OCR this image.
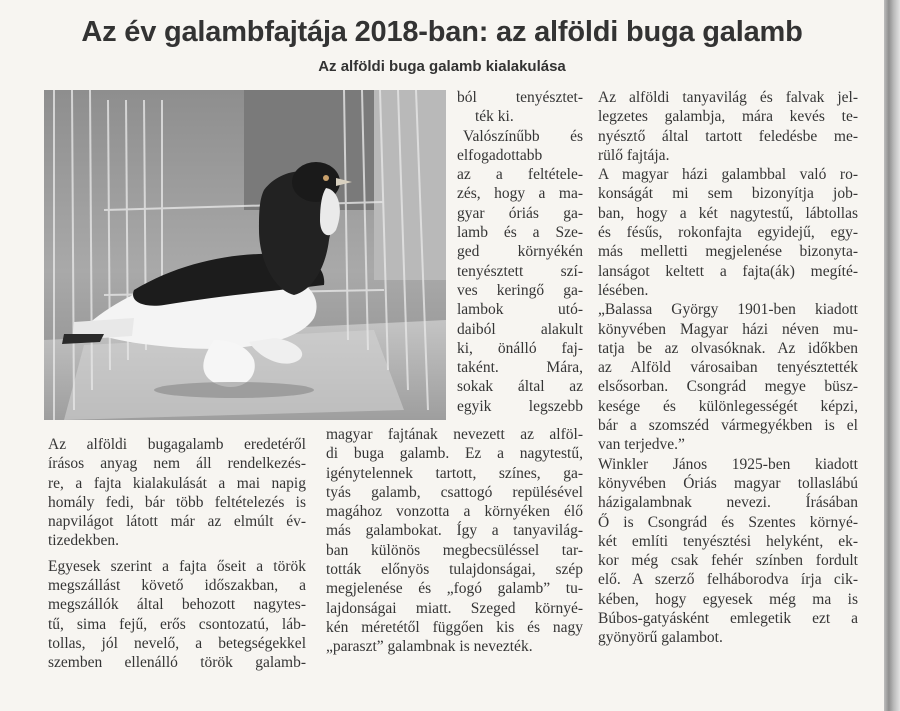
Az év galambfajtája 2018-ban: az alföldi buga galamb
Az alföldi buga galamb kialakulása
ból tenyésztet-
ték ki.
Valószínűbb és
elfogadottabb
az a feltétele-
zés, hogy a ma-
gyar óriás ga-
lamb és a Sze-
ged környékén
tenyésztett szí-
ves keringő ga-
lambok utó-
daiból alakult
ki, önálló faj-
taként. Mára,
sokak által az
egyik legszebb

Az alföldi bugagalamb eredetéről
írásos anyag nem áll rendelkezés-
re, a fajta kialakulását a mai napig
homály fedi, bár több feltételezés is
napvilágot látott már az elmúlt év-
tizedekben.

Egyesek szerint a fajta őseit a török
megszállást követő időszakban, a
megszállók által behozott nagytes-
tű, sima fejű, erős csontozatú, láb-
tollas, jól nevelő, a betegségekkel
szemben ellenálló török galamb-

magyar fajtának nevezett az alföl-
di buga galamb. Ez a nagytestű,
igénytelennek tartott, színes, ga-
tyás galamb, csattogó repülésével
magához vonzotta a környéken élő
más galambokat. Így a tanyavilág-
ban különös megbecsüléssel tar-
tották előnyös tulajdonságai, szép
megjelenése és „fogó galamb” tu-
lajdonságai miatt. Szeged környé-
kén méretétől függően kis és nagy
„paraszt” galambnak is nevezték.

Az alföldi tanyavilág és falvak jel-
legzetes galambja, mára kevés te-
nyésztő által tartott feledésbe me-
rülő fajtája.

A magyar házi galambbal való ro-
konságát mi sem bizonyítja job-
ban, hogy a két nagytestű, lábtollas
és fésűs, rokonfajta egyidejű, egy-
más melletti megjelenése bizonyta-
lanságot keltett a fajta(ák) megíté-
lésében.

„Balassa György 1901-ben kiadott
könyvében Magyar házi néven mu-
tatja be az olvasóknak. Az időkben
az Alföld városaiban tenyésztették
elsősorban. Csongrád megye büsz-
kesége és különlegességét képzi,
bár a szomszéd vármegyékben is el
van terjedve.”

Winkler János 1925-ben kiadott
könyvében Óriás magyar tollaslábú
házigalambnak nevezi. Írásában
Ő is Csongrád és Szentes környé-
két említi tenyésztési helyként, ek-
kor még csak fehér színben fordult
elő. A szerző felháborodva írja cik-
kében, hogy egyesek még ma is
Búbos-gatyásként emlegetik ezt a
gyönyörű galambot.
